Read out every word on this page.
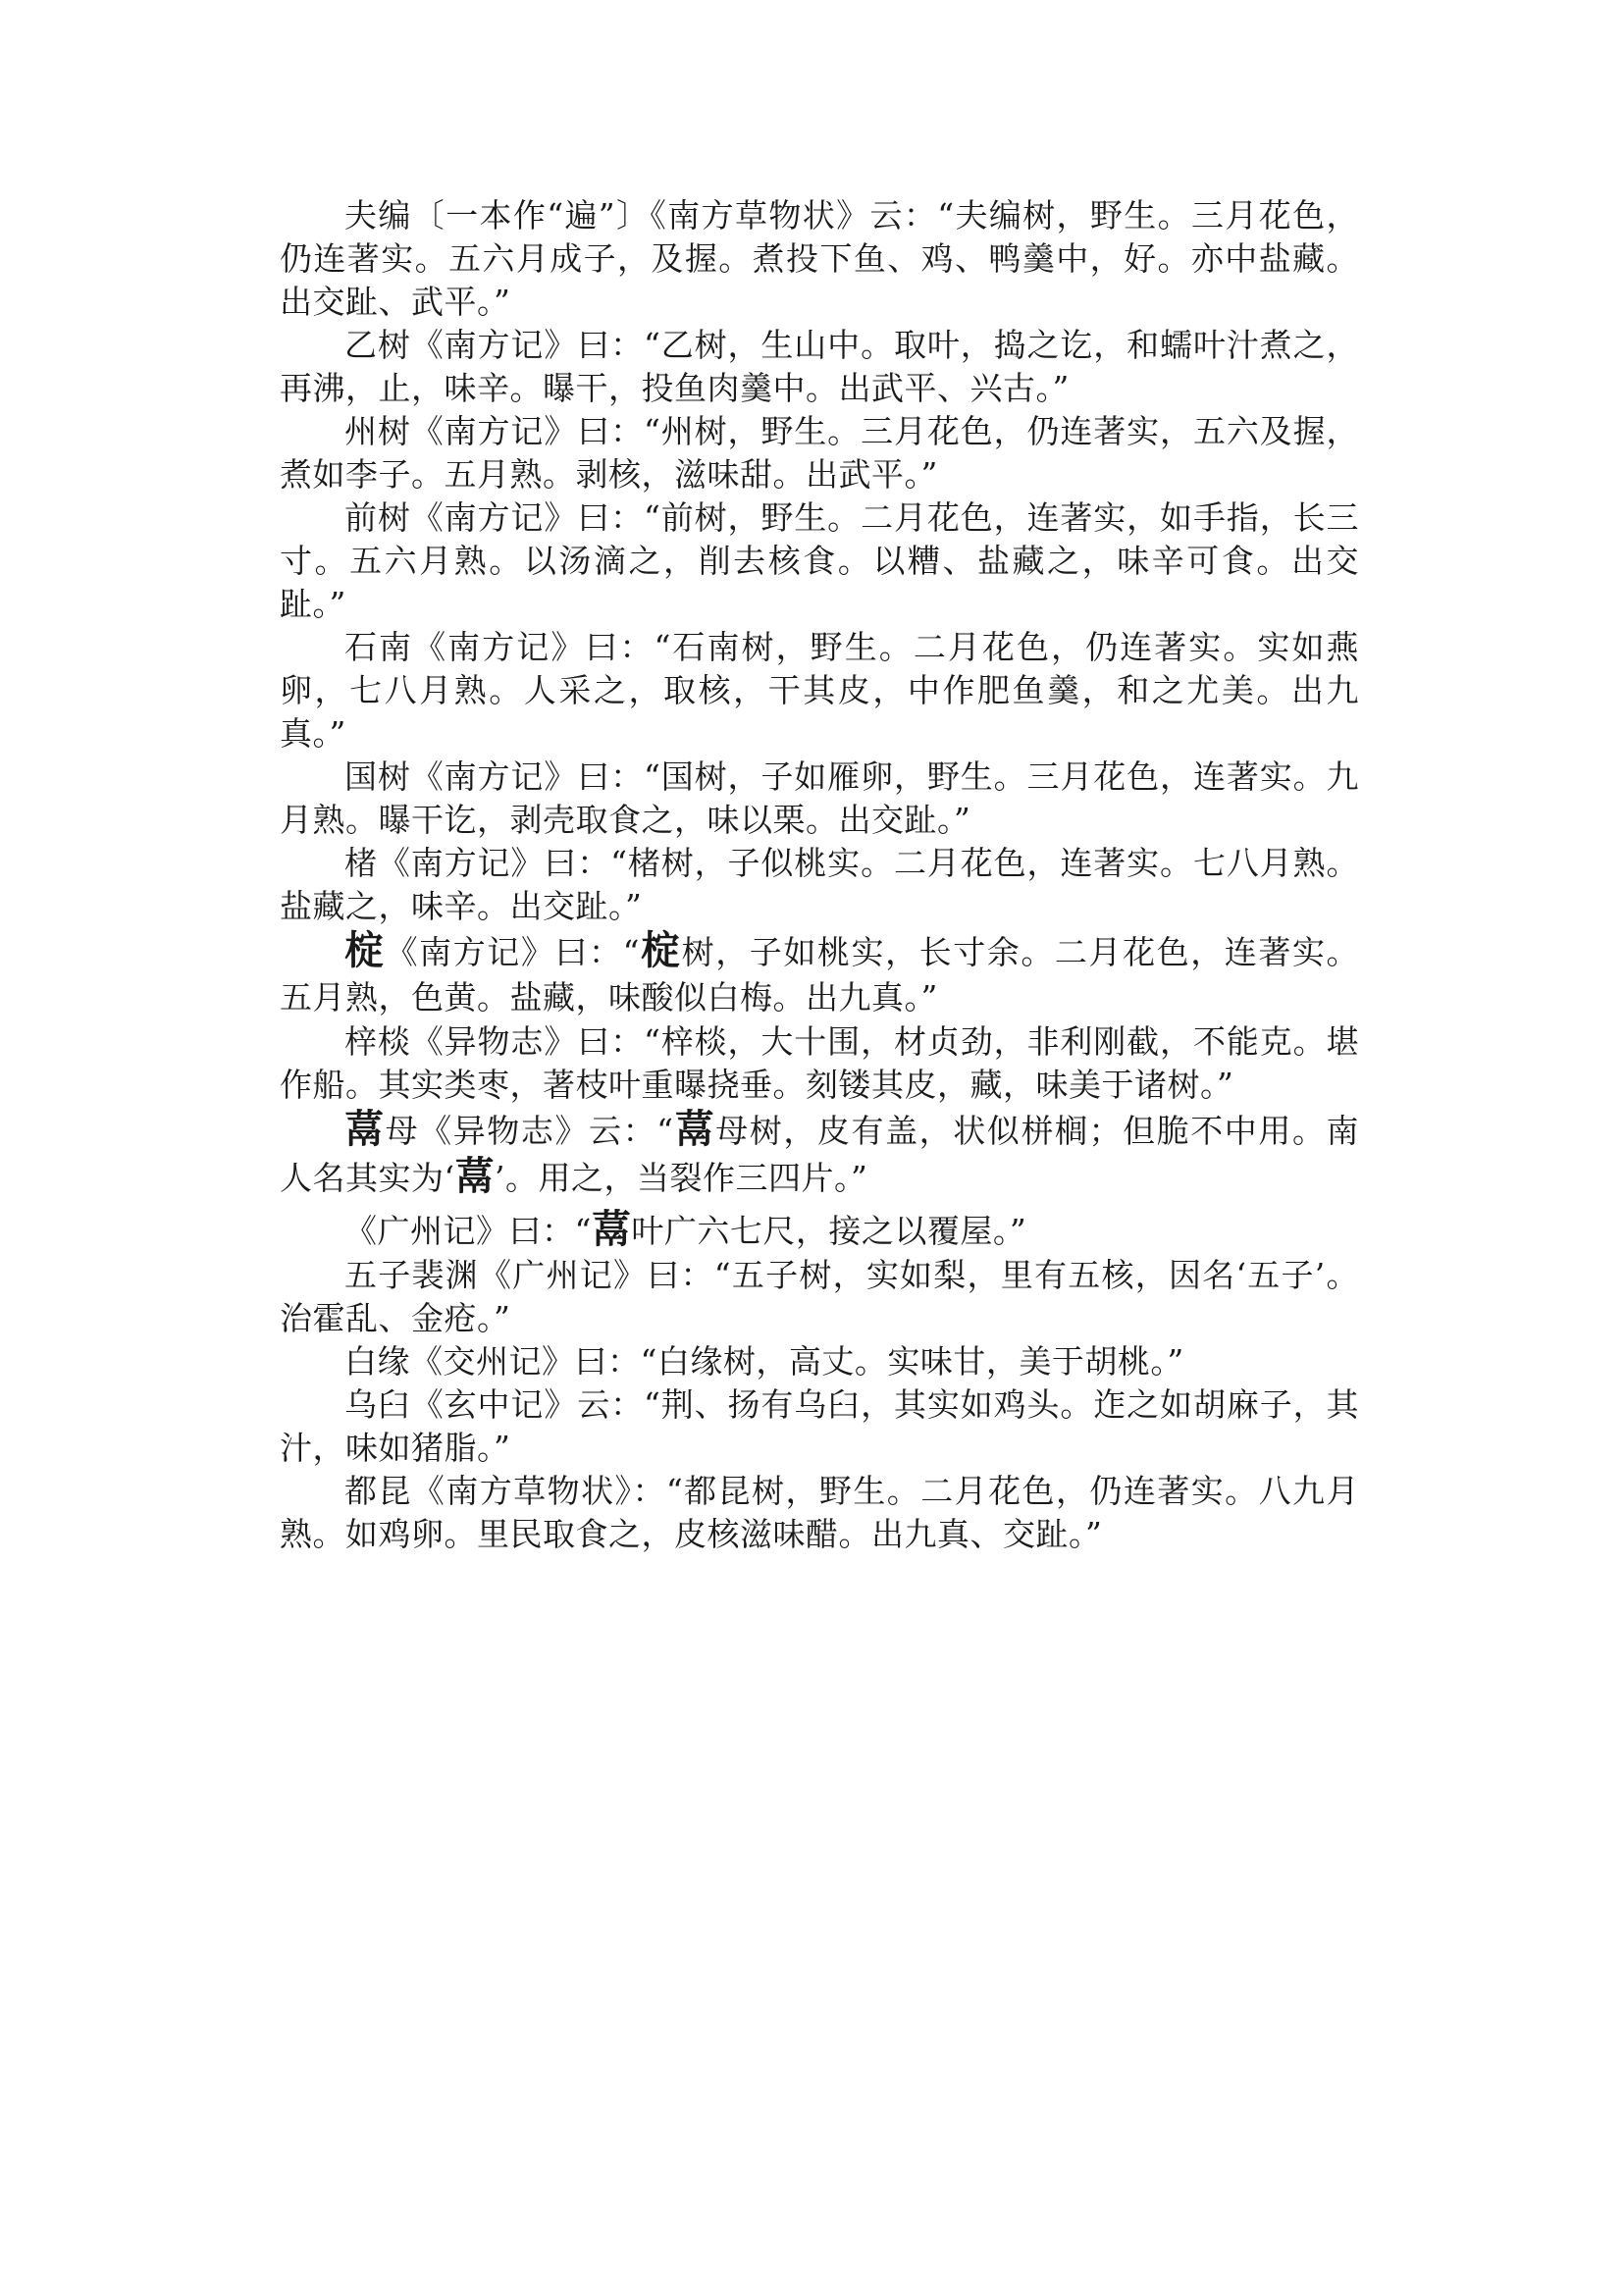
夫编〔一本作“遍”〕《南方草物状》云：“夫编树，野生。三月花色，仍连著实。五六月成子，及握。煮投下鱼、鸡、鸭羹中，好。亦中盐藏。出交趾、武平。”

乙树《南方记》曰：“乙树，生山中。取叶，捣之讫，和蠕叶汁煮之，再沸，止，味辛。曝干，投鱼肉羹中。出武平、兴古。”

州树《南方记》曰：“州树，野生。三月花色，仍连著实，五六及握，煮如李子。五月熟。剥核，滋味甜。出武平。”

前树《南方记》曰：“前树，野生。二月花色，连著实，如手指，长三寸。五六月熟。以汤滴之，削去核食。以糟、盐藏之，味辛可食。出交趾。”

石南《南方记》曰：“石南树，野生。二月花色，仍连著实。实如燕卵，七八月熟。人采之，取核，干其皮，中作肥鱼羹，和之尤美。出九真。”

国树《南方记》曰：“国树，子如雁卵，野生。三月花色，连著实。九月熟。曝干讫，剥壳取食之，味以栗。出交趾。”

楮《南方记》曰：“楮树，子似桃实。二月花色，连著实。七八月熟。盐藏之，味辛。出交趾。”

椗《南方记》曰：“椗树，子如桃实，长寸余。二月花色，连著实。五月熟，色黄。盐藏，味酸似白梅。出九真。”

梓棪《异物志》曰：“梓棪，大十围，材贞劲，非利刚截，不能克。堪作船。其实类枣，著枝叶重曝挠垂。刻镂其皮，藏，味美于诸树。”

蒚母《异物志》云：“蒚母树，皮有盖，状似栟榈；但脆不中用。南人名其实为‘蒚’。用之，当裂作三四片。”

《广州记》曰：“蒚叶广六七尺，接之以覆屋。”

五子裴渊《广州记》曰：“五子树，实如梨，里有五核，因名‘五子’。治霍乱、金疮。”

白缘《交州记》曰：“白缘树，高丈。实味甘，美于胡桃。”

乌臼《玄中记》云：“荆、扬有乌臼，其实如鸡头。迮之如胡麻子，其汁，味如猪脂。”

都昆《南方草物状》：“都昆树，野生。二月花色，仍连著实。八九月熟。如鸡卵。里民取食之，皮核滋味醋。出九真、交趾。”
